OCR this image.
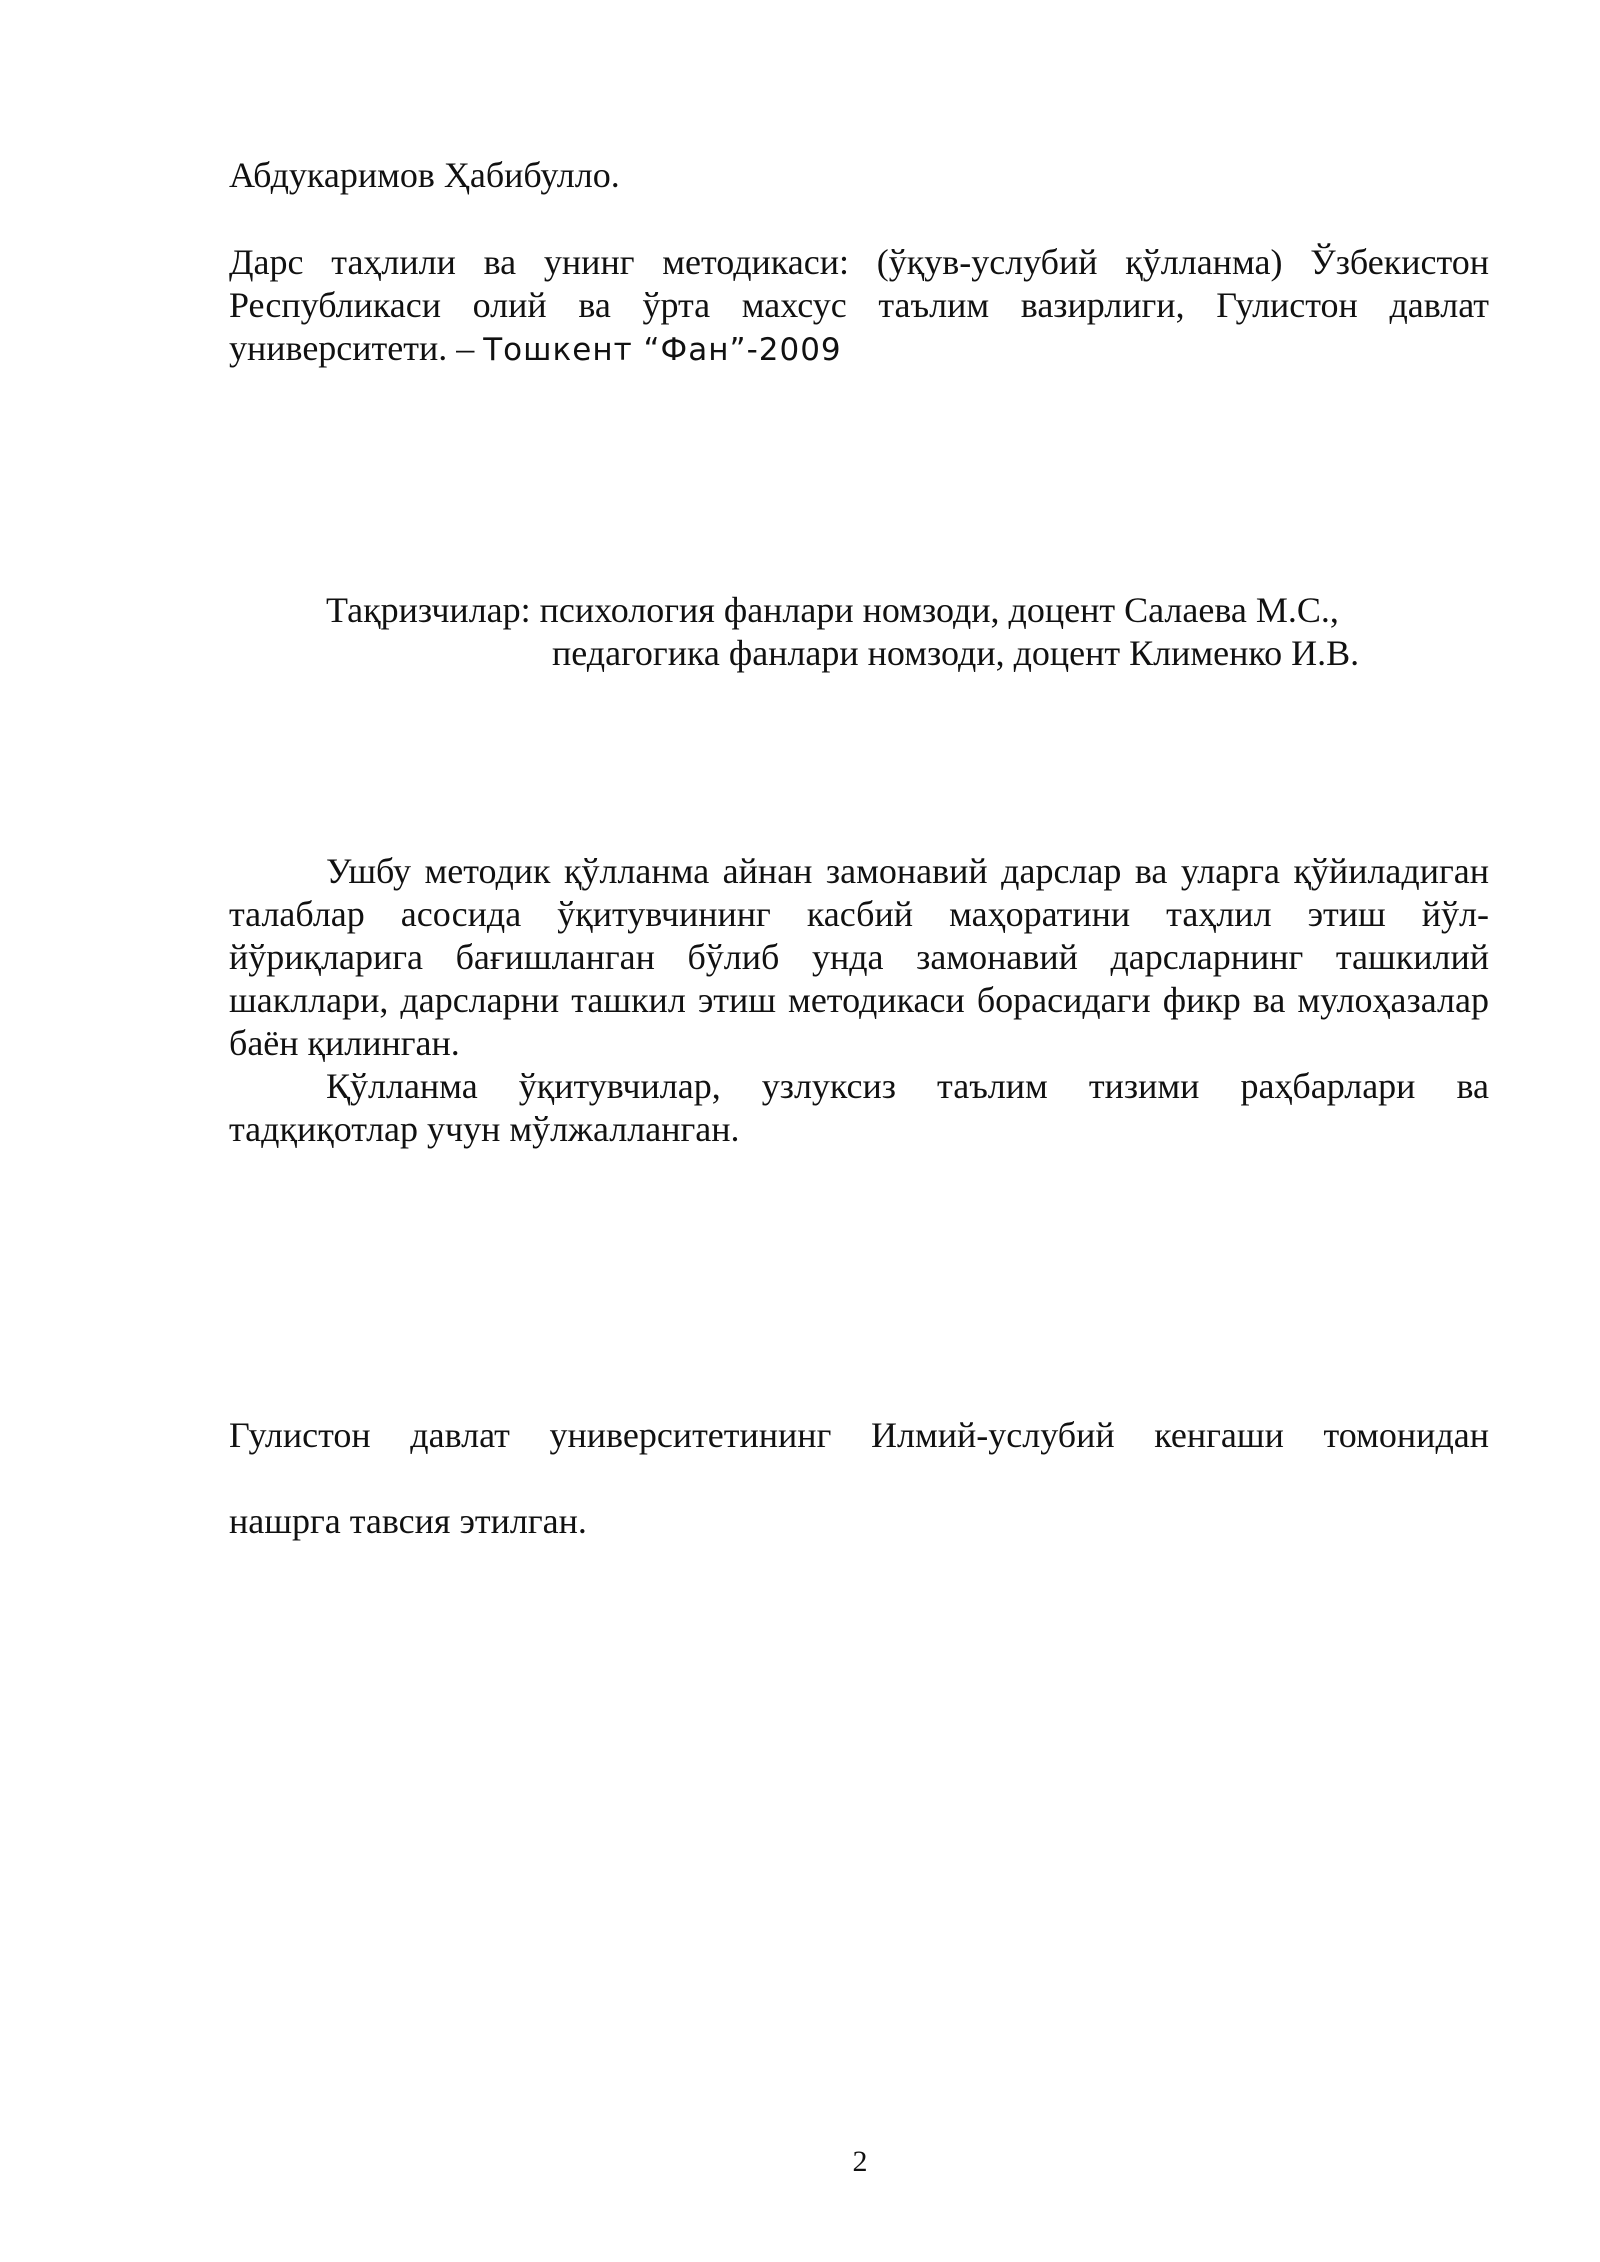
Абдукаримов Ҳабибулло.

Дарс таҳлили ва унинг методикаси: (ўқув-услубий қўлланма) Ўзбекистон Республикаси олий ва ўрта махсус таълим вазирлиги, Гулистон давлат университети. – Тошкент “Фан”-2009

Тақризчилар: психология фанлари номзоди, доцент Салаева М.С.,

педагогика фанлари номзоди, доцент Клименко И.В.

Ушбу методик қўлланма айнан замонавий дарслар ва уларга қўйиладиган талаблар асосида ўқитувчининг касбий маҳоратини таҳлил этиш йўл-йўриқларига бағишланган бўлиб унда замонавий дарсларнинг ташкилий шакллари, дарсларни ташкил этиш методикаси борасидаги фикр ва мулоҳазалар баён қилинган.

Қўлланма ўқитувчилар, узлуксиз таълим тизими раҳбарлари ва тадқиқотлар учун мўлжалланган.

Гулистон давлат университетининг Илмий-услубий кенгаши томонидан

нашрга тавсия этилган.

2
